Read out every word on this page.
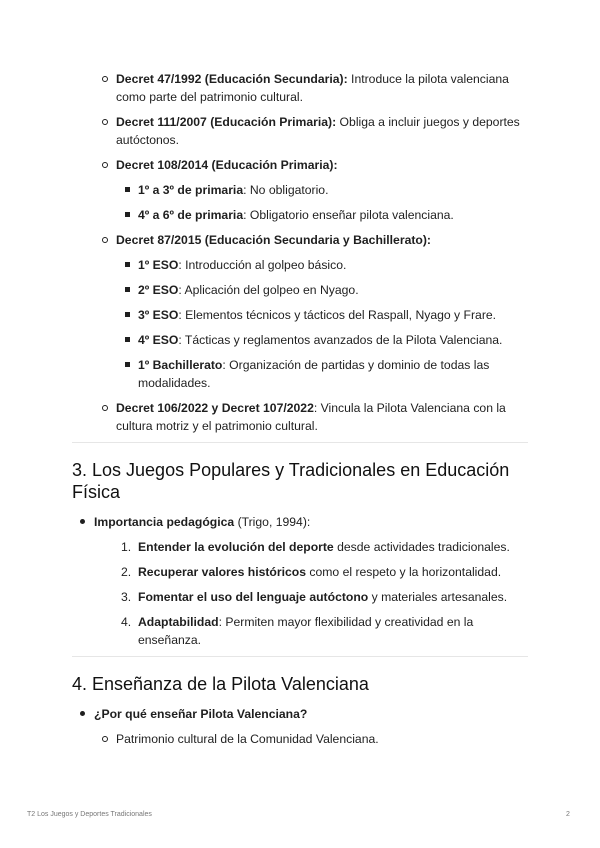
Decret 47/1992 (Educación Secundaria): Introduce la pilota valenciana como parte del patrimonio cultural.
Decret 111/2007 (Educación Primaria): Obliga a incluir juegos y deportes autóctonos.
Decret 108/2014 (Educación Primaria):
1º a 3º de primaria: No obligatorio.
4º a 6º de primaria: Obligatorio enseñar pilota valenciana.
Decret 87/2015 (Educación Secundaria y Bachillerato):
1º ESO: Introducción al golpeo básico.
2º ESO: Aplicación del golpeo en Nyago.
3º ESO: Elementos técnicos y tácticos del Raspall, Nyago y Frare.
4º ESO: Tácticas y reglamentos avanzados de la Pilota Valenciana.
1º Bachillerato: Organización de partidas y dominio de todas las modalidades.
Decret 106/2022 y Decret 107/2022: Vincula la Pilota Valenciana con la cultura motriz y el patrimonio cultural.
3. Los Juegos Populares y Tradicionales en Educación Física
Importancia pedagógica (Trigo, 1994):
Entender la evolución del deporte desde actividades tradicionales.
Recuperar valores históricos como el respeto y la horizontalidad.
Fomentar el uso del lenguaje autóctono y materiales artesanales.
Adaptabilidad: Permiten mayor flexibilidad y creatividad en la enseñanza.
4. Enseñanza de la Pilota Valenciana
¿Por qué enseñar Pilota Valenciana?
Patrimonio cultural de la Comunidad Valenciana.
T2 Los Juegos y Deportes Tradicionales	2
